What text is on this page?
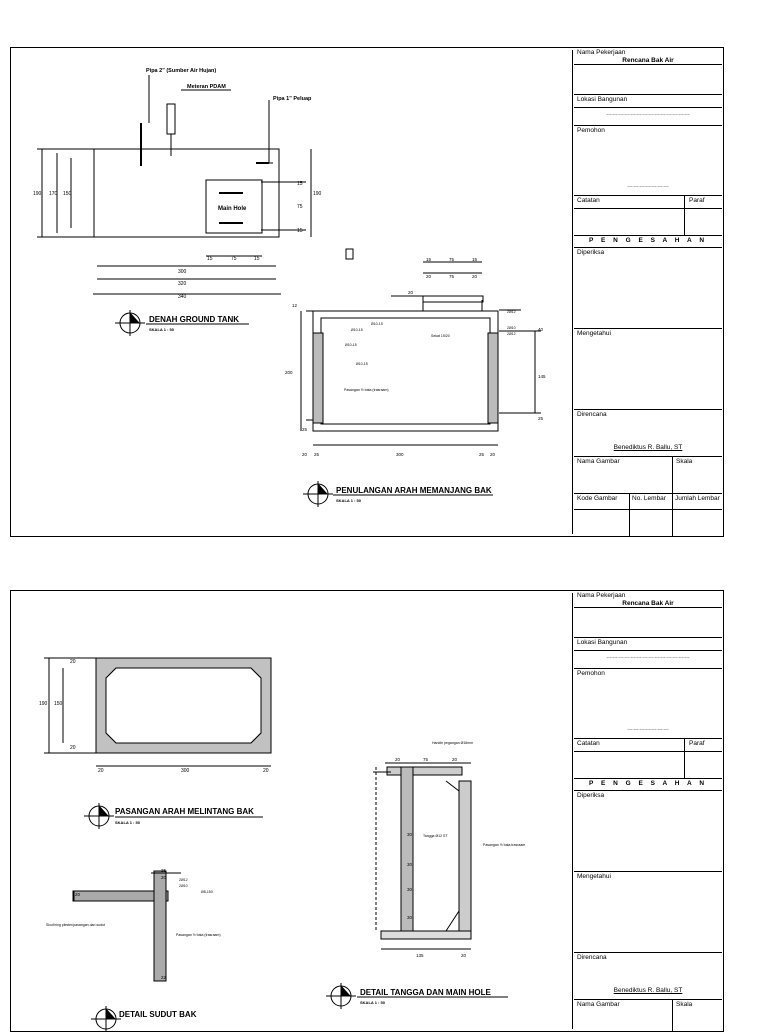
Pipa 2" (Sumber Air Hujan)
Meteran PDAM
Pipa 1" Peluap
Main Hole
190 170 150	190
15
75
15
15	75	15
300
320
340
DENAH GROUND TANK
SKALA 1 : 50
15	75	15
20	75	20
20
12
200
145
40
25
25
20 25	300	25 20
Ø10-15
Ø10-15
Ø10-15
Ø10-15
Sekat 15/20
Pasangan ½ bata (trasraam)
2Ø12
2Ø10
2Ø12
PENULANGAN ARAH MEMANJANG BAK
SKALA 1 : 50
Nama Pekerjaan
Rencana Bak Air
Lokasi Bangunan
……………………………………
Pemohon
…………………
Catatan	Paraf
P E N G E S A H A N
Diperiksa
Mengetahui
Direncana
Benediktus R. Ballu, ST
Nama Gambar	Skala
Kode Gambar No. Lembar Jumlah Lembar
190 150
20
20
20	300	20
PASANGAN ARAH MELINTANG BAK
SKALA 1 : 50
2Ø12
2Ø10
Ø8-150
Sloof/ring plester/pasangan dari sudut
Pasangan ½ bata (trasraam)
20
20
22
25
DETAIL SUDUT BAK
Handle pegangan Ø16mm
Tangga Ø12 ST
Pasangan ½ bata trasraam
20	75	20
30
30
30
30
135	20
DETAIL TANGGA DAN MAIN HOLE
SKALA 1 : 50
Nama Pekerjaan
Rencana Bak Air
Lokasi Bangunan
……………………………………
Pemohon
…………………
Catatan	Paraf
P E N G E S A H A N
Diperiksa
Mengetahui
Direncana
Benediktus R. Ballu, ST
Nama Gambar	Skala
